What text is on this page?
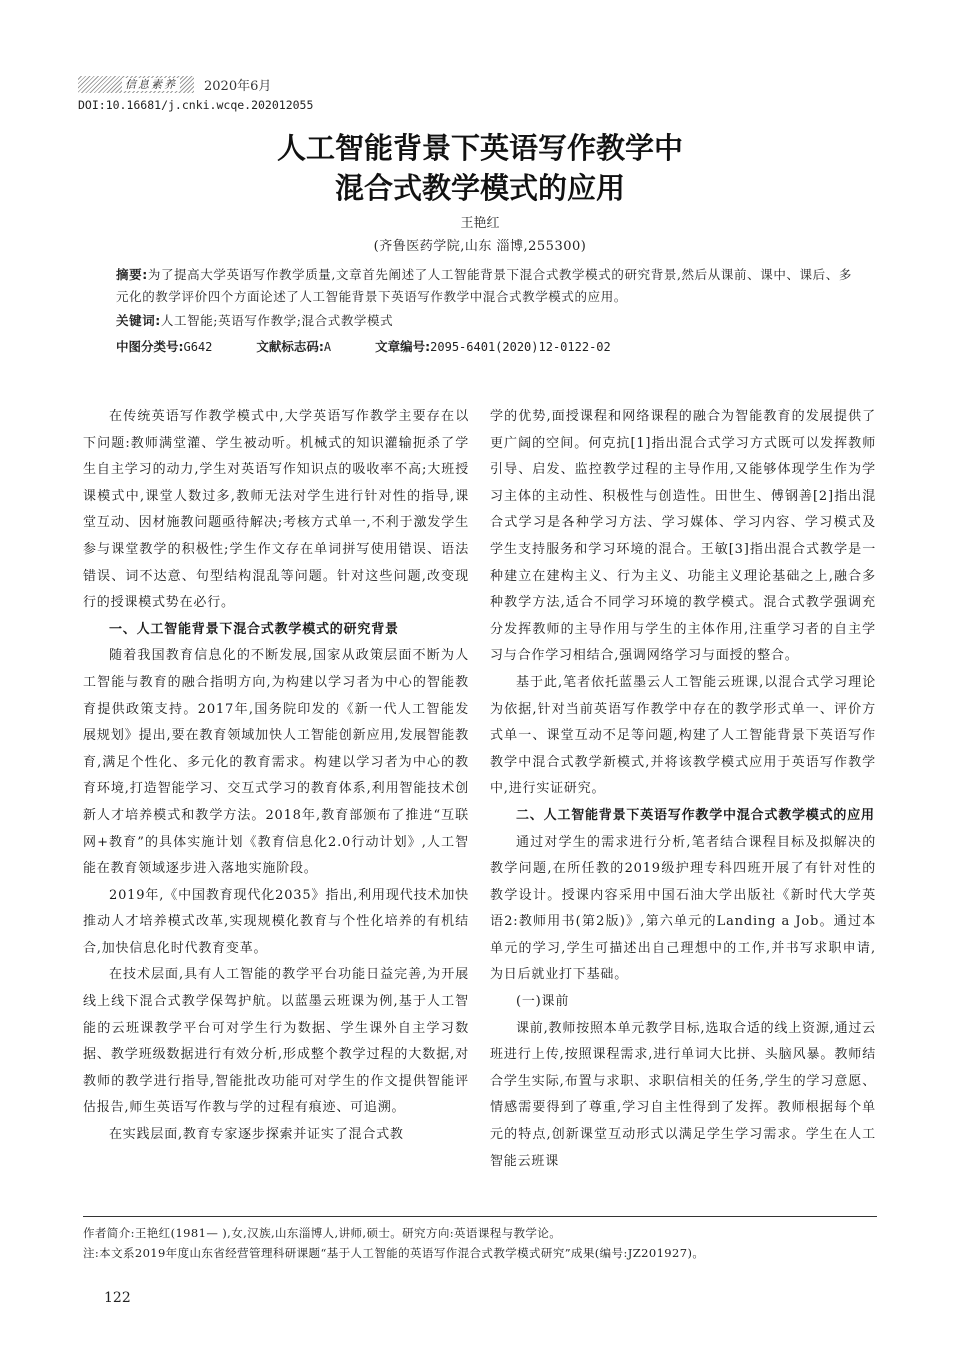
信息素养	2020年6月
DOI:10.16681/j.cnki.wcqe.202012055
人工智能背景下英语写作教学中
混合式教学模式的应用
王艳红
(齐鲁医药学院,山东 淄博,255300)
摘要:为了提高大学英语写作教学质量,文章首先阐述了人工智能背景下混合式教学模式的研究背景,然后从课前、课中、课后、多元化的教学评价四个方面论述了人工智能背景下英语写作教学中混合式教学模式的应用。
关键词:人工智能;英语写作教学;混合式教学模式
中图分类号:G642	文献标志码:A	文章编号:2095-6401(2020)12-0122-02

在传统英语写作教学模式中,大学英语写作教学主要存在以下问题:教师满堂灌、学生被动听。机械式的知识灌输扼杀了学生自主学习的动力,学生对英语写作知识点的吸收率不高;大班授课模式中,课堂人数过多,教师无法对学生进行针对性的指导,课堂互动、因材施教问题亟待解决;考核方式单一,不利于激发学生参与课堂教学的积极性;学生作文存在单词拼写使用错误、语法错误、词不达意、句型结构混乱等问题。针对这些问题,改变现行的授课模式势在必行。

一、人工智能背景下混合式教学模式的研究背景

随着我国教育信息化的不断发展,国家从政策层面不断为人工智能与教育的融合指明方向,为构建以学习者为中心的智能教育提供政策支持。2017年,国务院印发的《新一代人工智能发展规划》提出,要在教育领域加快人工智能创新应用,发展智能教育,满足个性化、多元化的教育需求。构建以学习者为中心的教育环境,打造智能学习、交互式学习的教育体系,利用智能技术创新人才培养模式和教学方法。2018年,教育部颁布了推进“互联网+教育”的具体实施计划《教育信息化2.0行动计划》,人工智能在教育领域逐步进入落地实施阶段。

2019年,《中国教育现代化2035》指出,利用现代技术加快推动人才培养模式改革,实现规模化教育与个性化培养的有机结合,加快信息化时代教育变革。

在技术层面,具有人工智能的教学平台功能日益完善,为开展线上线下混合式教学保驾护航。以蓝墨云班课为例,基于人工智能的云班课教学平台可对学生行为数据、学生课外自主学习数据、教学班级数据进行有效分析,形成整个教学过程的大数据,对教师的教学进行指导,智能批改功能可对学生的作文提供智能评估报告,师生英语写作教与学的过程有痕迹、可追溯。

在实践层面,教育专家逐步探索并证实了混合式教

学的优势,面授课程和网络课程的融合为智能教育的发展提供了更广阔的空间。何克抗[1]指出混合式学习方式既可以发挥教师引导、启发、监控教学过程的主导作用,又能够体现学生作为学习主体的主动性、积极性与创造性。田世生、傅钢善[2]指出混合式学习是各种学习方法、学习媒体、学习内容、学习模式及学生支持服务和学习环境的混合。王敏[3]指出混合式教学是一种建立在建构主义、行为主义、功能主义理论基础之上,融合多种教学方法,适合不同学习环境的教学模式。混合式教学强调充分发挥教师的主导作用与学生的主体作用,注重学习者的自主学习与合作学习相结合,强调网络学习与面授的整合。

基于此,笔者依托蓝墨云人工智能云班课,以混合式学习理论为依据,针对当前英语写作教学中存在的教学形式单一、评价方式单一、课堂互动不足等问题,构建了人工智能背景下英语写作教学中混合式教学新模式,并将该教学模式应用于英语写作教学中,进行实证研究。

二、人工智能背景下英语写作教学中混合式教学模式的应用

通过对学生的需求进行分析,笔者结合课程目标及拟解决的教学问题,在所任教的2019级护理专科四班开展了有针对性的教学设计。授课内容采用中国石油大学出版社《新时代大学英语2:教师用书(第2版)》,第六单元的Landing a Job。通过本单元的学习,学生可描述出自己理想中的工作,并书写求职申请,为日后就业打下基础。

(一)课前

课前,教师按照本单元教学目标,选取合适的线上资源,通过云班进行上传,按照课程需求,进行单词大比拼、头脑风暴。教师结合学生实际,布置与求职、求职信相关的任务,学生的学习意愿、情感需要得到了尊重,学习自主性得到了发挥。教师根据每个单元的特点,创新课堂互动形式以满足学生学习需求。学生在人工智能云班课

作者简介:王艳红(1981— ),女,汉族,山东淄博人,讲师,硕士。研究方向:英语课程与教学论。
注:本文系2019年度山东省经营管理科研课题“基于人工智能的英语写作混合式教学模式研究”成果(编号:JZ201927)。
122
